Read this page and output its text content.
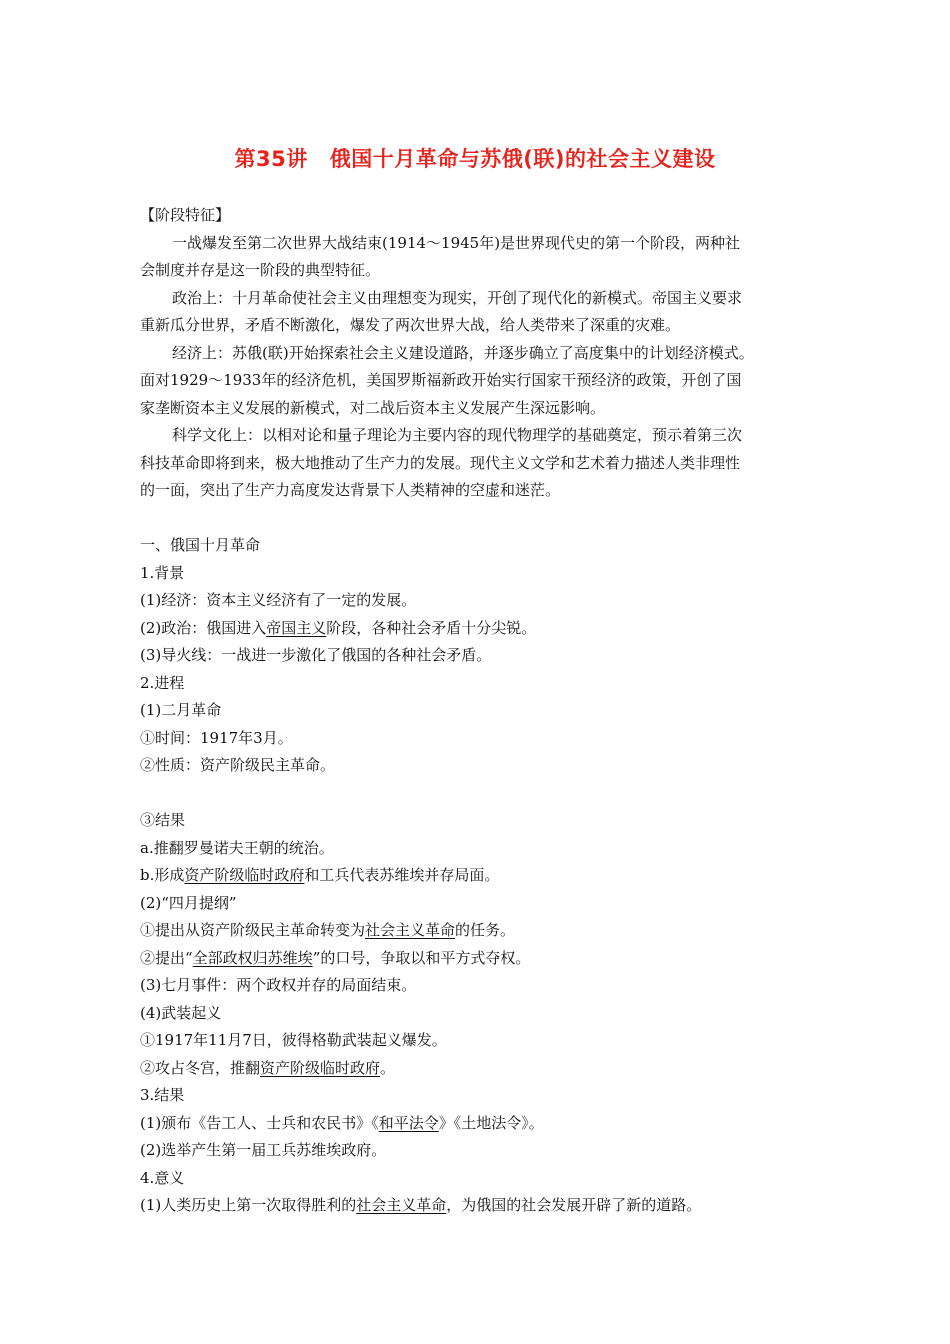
第35讲 俄国十月革命与苏俄(联)的社会主义建设
【阶段特征】
一战爆发至第二次世界大战结束(1914～1945年)是世界现代史的第一个阶段，两种社
会制度并存是这一阶段的典型特征。
政治上：十月革命使社会主义由理想变为现实，开创了现代化的新模式。帝国主义要求
重新瓜分世界，矛盾不断激化，爆发了两次世界大战，给人类带来了深重的灾难。
经济上：苏俄(联)开始探索社会主义建设道路，并逐步确立了高度集中的计划经济模式。
面对1929～1933年的经济危机，美国罗斯福新政开始实行国家干预经济的政策，开创了国
家垄断资本主义发展的新模式，对二战后资本主义发展产生深远影响。
科学文化上：以相对论和量子理论为主要内容的现代物理学的基础奠定，预示着第三次
科技革命即将到来，极大地推动了生产力的发展。现代主义文学和艺术着力描述人类非理性
的一面，突出了生产力高度发达背景下人类精神的空虚和迷茫。
一、俄国十月革命
1.背景
(1)经济：资本主义经济有了一定的发展。
(2)政治：俄国进入帝国主义阶段，各种社会矛盾十分尖锐。
(3)导火线：一战进一步激化了俄国的各种社会矛盾。
2.进程
(1)二月革命
①时间：1917年3月。
②性质：资产阶级民主革命。
③结果
a.推翻罗曼诺夫王朝的统治。
b.形成资产阶级临时政府和工兵代表苏维埃并存局面。
(2)“四月提纲”
①提出从资产阶级民主革命转变为社会主义革命的任务。
②提出“全部政权归苏维埃”的口号，争取以和平方式夺权。
(3)七月事件：两个政权并存的局面结束。
(4)武装起义
①1917年11月7日，彼得格勒武装起义爆发。
②攻占冬宫，推翻资产阶级临时政府。
3.结果
(1)颁布《告工人、士兵和农民书》《和平法令》《土地法令》。
(2)选举产生第一届工兵苏维埃政府。
4.意义
(1)人类历史上第一次取得胜利的社会主义革命，为俄国的社会发展开辟了新的道路。
